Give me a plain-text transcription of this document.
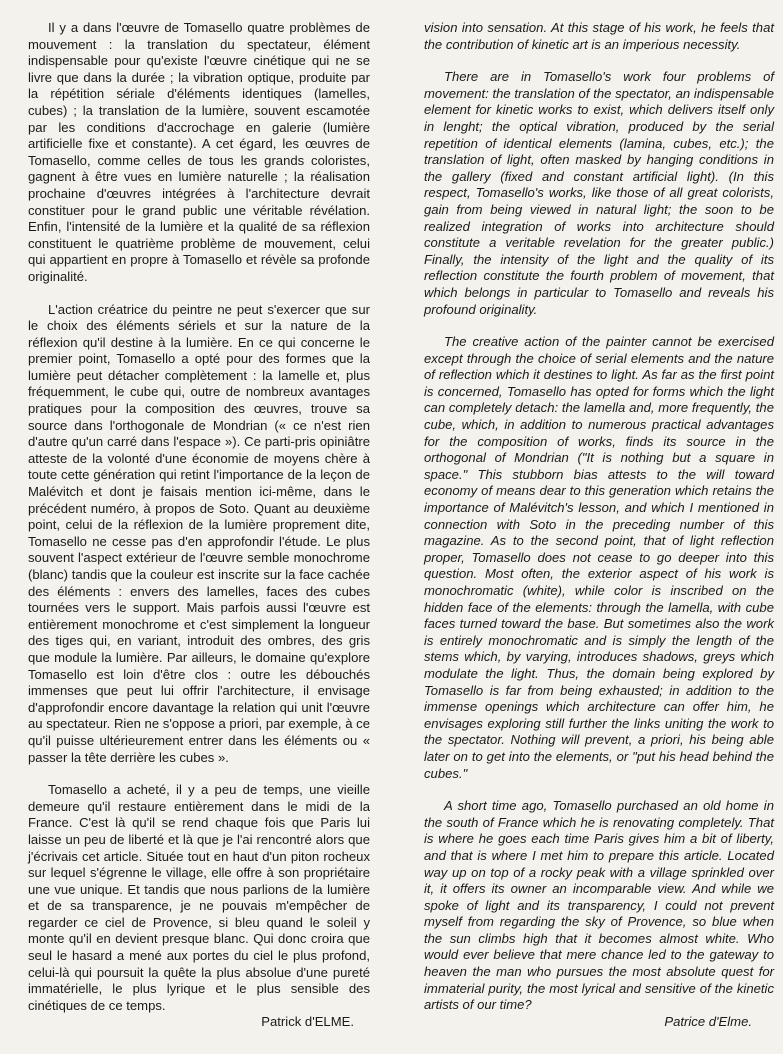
Il y a dans l'œuvre de Tomasello quatre problèmes de mouvement : la translation du spectateur, élément indispensable pour qu'existe l'œuvre cinétique qui ne se livre que dans la durée ; la vibration optique, produite par la répétition sériale d'éléments identiques (lamelles, cubes) ; la translation de la lumière, souvent escamotée par les conditions d'accrochage en galerie (lumière artificielle fixe et constante). A cet égard, les œuvres de Tomasello, comme celles de tous les grands coloristes, gagnent à être vues en lumière naturelle ; la réalisation prochaine d'œuvres intégrées à l'architecture devrait constituer pour le grand public une véritable révélation. Enfin, l'intensité de la lumière et la qualité de sa réflexion constituent le quatrième problème de mouvement, celui qui appartient en propre à Tomasello et révèle sa profonde originalité.

L'action créatrice du peintre ne peut s'exercer que sur le choix des éléments sériels et sur la nature de la réflexion qu'il destine à la lumière. En ce qui concerne le premier point, Tomasello a opté pour des formes que la lumière peut détacher complètement : la lamelle et, plus fréquemment, le cube qui, outre de nombreux avantages pratiques pour la composition des œuvres, trouve sa source dans l'orthogonale de Mondrian (« ce n'est rien d'autre qu'un carré dans l'espace »). Ce parti-pris opiniâtre atteste de la volonté d'une économie de moyens chère à toute cette génération qui retint l'importance de la leçon de Malévitch et dont je faisais mention ici-même, dans le précédent numéro, à propos de Soto. Quant au deuxième point, celui de la réflexion de la lumière proprement dite, Tomasello ne cesse pas d'en approfondir l'étude. Le plus souvent l'aspect extérieur de l'œuvre semble monochrome (blanc) tandis que la couleur est inscrite sur la face cachée des éléments : envers des lamelles, faces des cubes tournées vers le support. Mais parfois aussi l'œuvre est entièrement monochrome et c'est simplement la longueur des tiges qui, en variant, introduit des ombres, des gris que module la lumière. Par ailleurs, le domaine qu'explore Tomasello est loin d'être clos : outre les débouchés immenses que peut lui offrir l'architecture, il envisage d'approfondir encore davantage la relation qui unit l'œuvre au spectateur. Rien ne s'oppose a priori, par exemple, à ce qu'il puisse ultérieurement entrer dans les éléments ou « passer la tête derrière les cubes ».

Tomasello a acheté, il y a peu de temps, une vieille demeure qu'il restaure entièrement dans le midi de la France. C'est là qu'il se rend chaque fois que Paris lui laisse un peu de liberté et là que je l'ai rencontré alors que j'écrivais cet article. Située tout en haut d'un piton rocheux sur lequel s'égrenne le village, elle offre à son propriétaire une vue unique. Et tandis que nous parlions de la lumière et de sa transparence, je ne pouvais m'empêcher de regarder ce ciel de Provence, si bleu quand le soleil y monte qu'il en devient presque blanc. Qui donc croira que seul le hasard a mené aux portes du ciel le plus profond, celui-là qui poursuit la quête la plus absolue d'une pureté immatérielle, le plus lyrique et le plus sensible des cinétiques de ce temps.

Patrick d'ELME.

vision into sensation. At this stage of his work, he feels that the contribution of kinetic art is an imperious necessity.

There are in Tomasello's work four problems of movement: the translation of the spectator, an indispensable element for kinetic works to exist, which delivers itself only in lenght; the optical vibration, produced by the serial repetition of identical elements (lamina, cubes, etc.); the translation of light, often masked by hanging conditions in the gallery (fixed and constant artificial light). (In this respect, Tomasello's works, like those of all great colorists, gain from being viewed in natural light; the soon to be realized integration of works into architecture should constitute a veritable revelation for the greater public.) Finally, the intensity of the light and the quality of its reflection constitute the fourth problem of movement, that which belongs in particular to Tomasello and reveals his profound originality.

The creative action of the painter cannot be exercised except through the choice of serial elements and the nature of reflection which it destines to light. As far as the first point is concerned, Tomasello has opted for forms which the light can completely detach: the lamella and, more frequently, the cube, which, in addition to numerous practical advantages for the composition of works, finds its source in the orthogonal of Mondrian ("It is nothing but a square in space." This stubborn bias attests to the will toward economy of means dear to this generation which retains the importance of Malévitch's lesson, and which I mentioned in connection with Soto in the preceding number of this magazine. As to the second point, that of light reflection proper, Tomasello does not cease to go deeper into this question. Most often, the exterior aspect of his work is monochromatic (white), while color is inscribed on the hidden face of the elements: through the lamella, with cube faces turned toward the base. But sometimes also the work is entirely monochromatic and is simply the length of the stems which, by varying, introduces shadows, greys which modulate the light. Thus, the domain being explored by Tomasello is far from being exhausted; in addition to the immense openings which architecture can offer him, he envisages exploring still further the links uniting the work to the spectator. Nothing will prevent, a priori, his being able later on to get into the elements, or "put his head behind the cubes."

A short time ago, Tomasello purchased an old home in the south of France which he is renovating completely. That is where he goes each time Paris gives him a bit of liberty, and that is where I met him to prepare this article. Located way up on top of a rocky peak with a village sprinkled over it, it offers its owner an incomparable view. And while we spoke of light and its transparency, I could not prevent myself from regarding the sky of Provence, so blue when the sun climbs high that it becomes almost white. Who would ever believe that mere chance led to the gateway to heaven the man who pursues the most absolute quest for immaterial purity, the most lyrical and sensitive of the kinetic artists of our time?

Patrice d'Elme.
